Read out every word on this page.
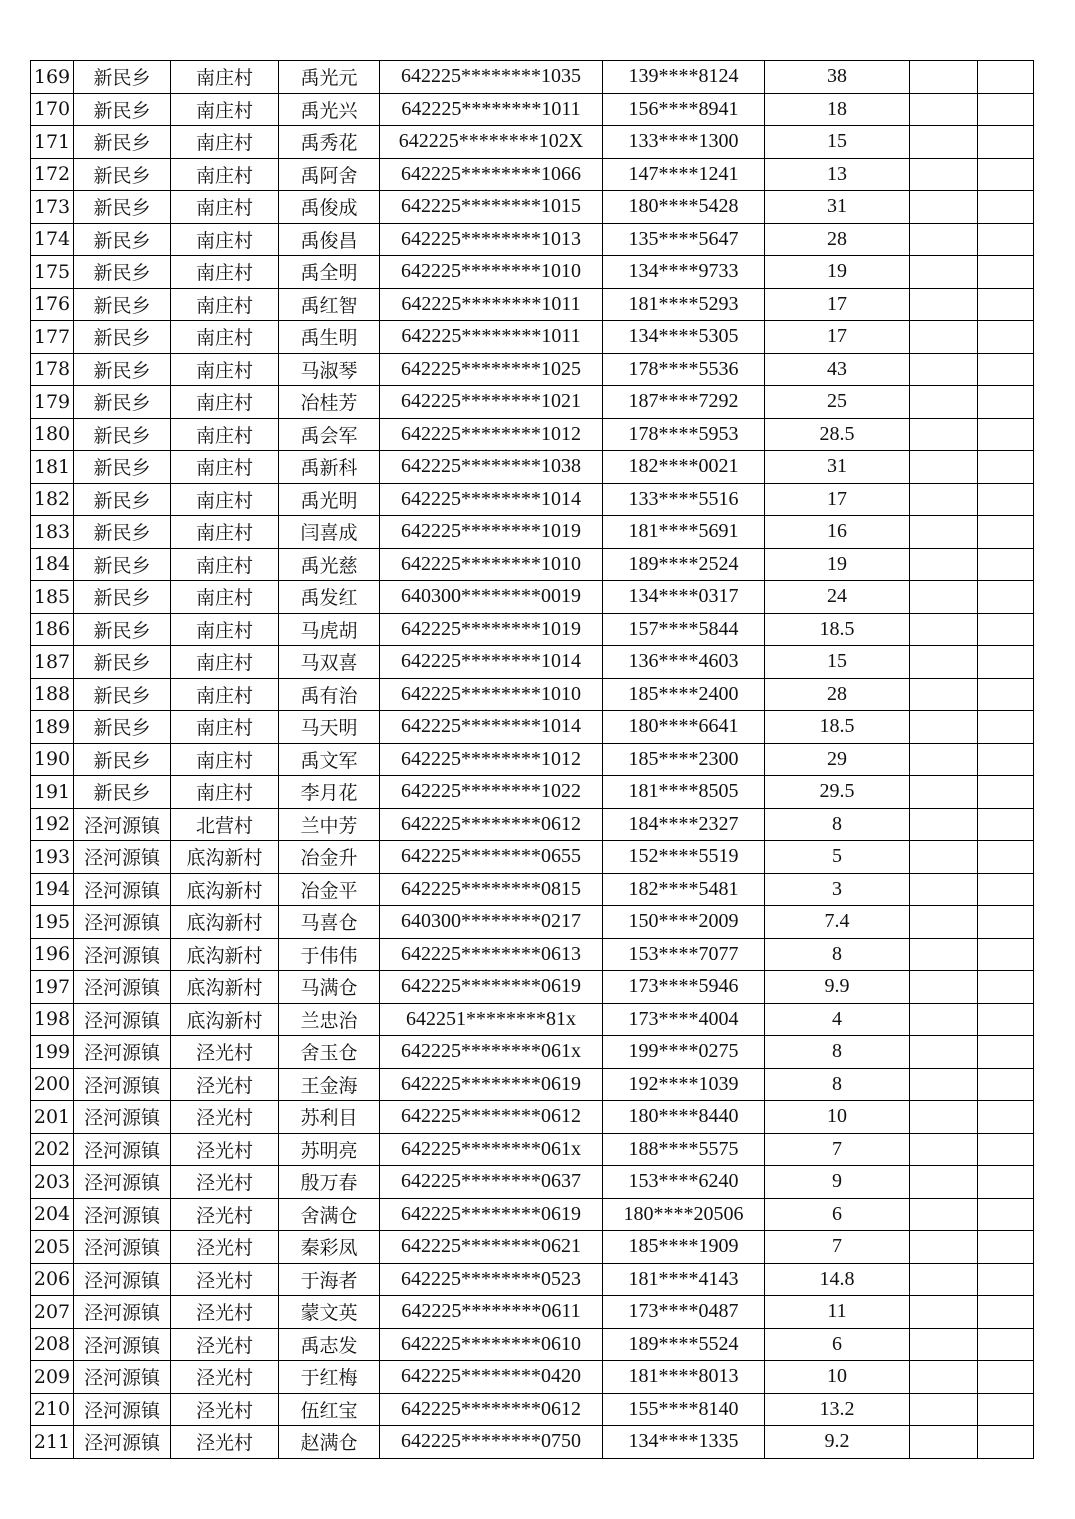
169	新民乡	南庄村	禹光元	642225********1035	139****8124	38		
170	新民乡	南庄村	禹光兴	642225********1011	156****8941	18		
171	新民乡	南庄村	禹秀花	642225********102X	133****1300	15		
172	新民乡	南庄村	禹阿舍	642225********1066	147****1241	13		
173	新民乡	南庄村	禹俊成	642225********1015	180****5428	31		
174	新民乡	南庄村	禹俊昌	642225********1013	135****5647	28		
175	新民乡	南庄村	禹全明	642225********1010	134****9733	19		
176	新民乡	南庄村	禹红智	642225********1011	181****5293	17		
177	新民乡	南庄村	禹生明	642225********1011	134****5305	17		
178	新民乡	南庄村	马淑琴	642225********1025	178****5536	43		
179	新民乡	南庄村	冶桂芳	642225********1021	187****7292	25		
180	新民乡	南庄村	禹会军	642225********1012	178****5953	28.5		
181	新民乡	南庄村	禹新科	642225********1038	182****0021	31		
182	新民乡	南庄村	禹光明	642225********1014	133****5516	17		
183	新民乡	南庄村	闫喜成	642225********1019	181****5691	16		
184	新民乡	南庄村	禹光慈	642225********1010	189****2524	19		
185	新民乡	南庄村	禹发红	640300********0019	134****0317	24		
186	新民乡	南庄村	马虎胡	642225********1019	157****5844	18.5		
187	新民乡	南庄村	马双喜	642225********1014	136****4603	15		
188	新民乡	南庄村	禹有治	642225********1010	185****2400	28		
189	新民乡	南庄村	马天明	642225********1014	180****6641	18.5		
190	新民乡	南庄村	禹文军	642225********1012	185****2300	29		
191	新民乡	南庄村	李月花	642225********1022	181****8505	29.5		
192	泾河源镇	北营村	兰中芳	642225********0612	184****2327	8		
193	泾河源镇	底沟新村	冶金升	642225********0655	152****5519	5		
194	泾河源镇	底沟新村	冶金平	642225********0815	182****5481	3		
195	泾河源镇	底沟新村	马喜仓	640300********0217	150****2009	7.4		
196	泾河源镇	底沟新村	于伟伟	642225********0613	153****7077	8		
197	泾河源镇	底沟新村	马满仓	642225********0619	173****5946	9.9		
198	泾河源镇	底沟新村	兰忠治	642251********81x	173****4004	4		
199	泾河源镇	泾光村	舍玉仓	642225********061x	199****0275	8		
200	泾河源镇	泾光村	王金海	642225********0619	192****1039	8		
201	泾河源镇	泾光村	苏利目	642225********0612	180****8440	10		
202	泾河源镇	泾光村	苏明亮	642225********061x	188****5575	7		
203	泾河源镇	泾光村	殷万春	642225********0637	153****6240	9		
204	泾河源镇	泾光村	舍满仓	642225********0619	180****20506	6		
205	泾河源镇	泾光村	秦彩凤	642225********0621	185****1909	7		
206	泾河源镇	泾光村	于海者	642225********0523	181****4143	14.8		
207	泾河源镇	泾光村	蒙文英	642225********0611	173****0487	11		
208	泾河源镇	泾光村	禹志发	642225********0610	189****5524	6		
209	泾河源镇	泾光村	于红梅	642225********0420	181****8013	10		
210	泾河源镇	泾光村	伍红宝	642225********0612	155****8140	13.2		
211	泾河源镇	泾光村	赵满仓	642225********0750	134****1335	9.2		
